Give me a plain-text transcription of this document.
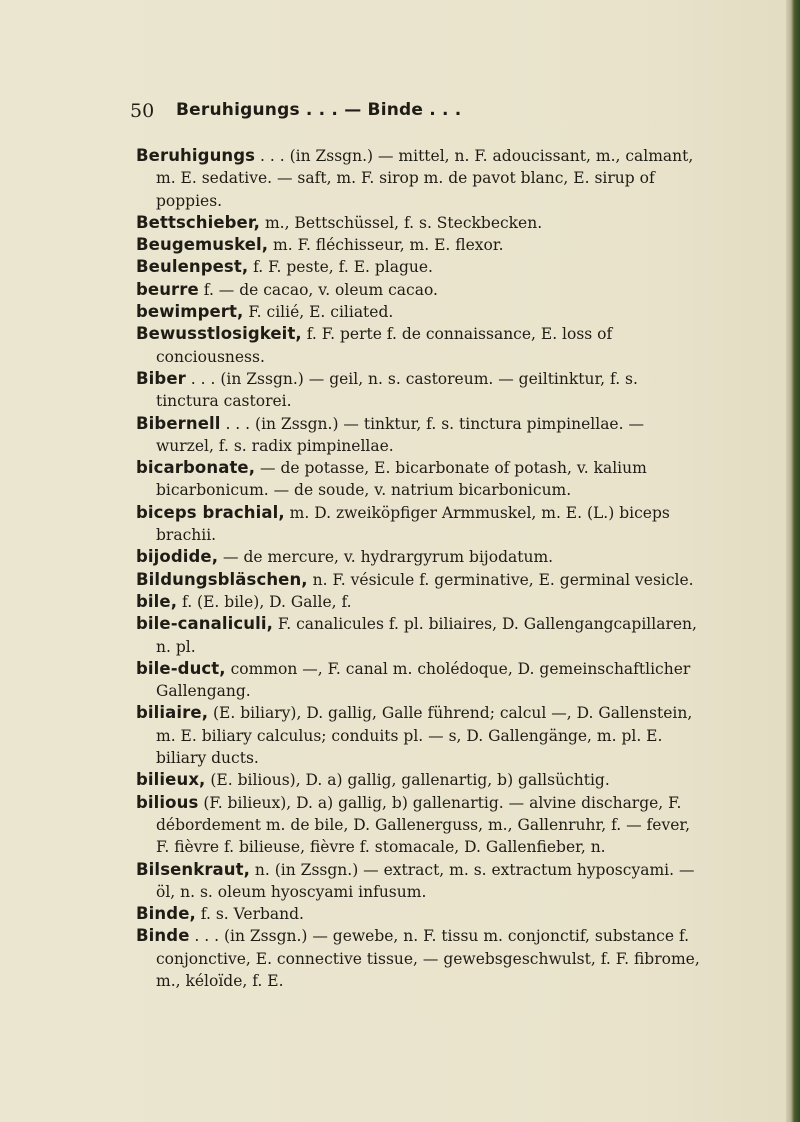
50 Beruhigungs . . . — Binde . . .

Beruhigungs . . . (in Zssgn.) — mittel, n. F. adoucissant, m., calmant, m. E. sedative. — saft, m. F. sirop m. de pavot blanc, E. sirup of poppies.

Bettschieber, m., Bettschüssel, f. s. Steckbecken.

Beugemuskel, m. F. fléchisseur, m. E. flexor.

Beulenpest, f. F. peste, f. E. plague.

beurre f. — de cacao, v. oleum cacao.

bewimpert, F. cilié, E. ciliated.

Bewusstlosigkeit, f. F. perte f. de connaissance, E. loss of conciousness.

Biber . . . (in Zssgn.) — geil, n. s. castoreum. — geiltinktur, f. s. tinctura castorei.

Bibernell . . . (in Zssgn.) — tinktur, f. s. tinctura pimpinellae. — wurzel, f. s. radix pimpinellae.

bicarbonate, — de potasse, E. bicarbonate of potash, v. kalium bicarbonicum. — de soude, v. natrium bicarbonicum.

biceps brachial, m. D. zweiköpfiger Armmuskel, m. E. (L.) biceps brachii.

bijodide, — de mercure, v. hydrargyrum bijodatum.

Bildungsbläschen, n. F. vésicule f. germinative, E. germinal vesicle.

bile, f. (E. bile), D. Galle, f.

bile-canaliculi, F. canalicules f. pl. biliaires, D. Gallengangcapillaren, n. pl.

bile-duct, common —, F. canal m. cholédoque, D. gemeinschaftlicher Gallengang.

biliaire, (E. biliary), D. gallig, Galle führend; calcul —, D. Gallenstein, m. E. biliary calculus; conduits pl. — s, D. Gallengänge, m. pl. E. biliary ducts.

bilieux, (E. bilious), D. a) gallig, gallenartig, b) gallsüchtig.

bilious (F. bilieux), D. a) gallig, b) gallenartig. — alvine discharge, F. débordement m. de bile, D. Gallenerguss, m., Gallenruhr, f. — fever, F. fièvre f. bilieuse, fièvre f. stomacale, D. Gallenfieber, n.

Bilsenkraut, n. (in Zssgn.) — extract, m. s. extractum hyposcyami. — öl, n. s. oleum hyoscyami infusum.

Binde, f. s. Verband.

Binde . . . (in Zssgn.) — gewebe, n. F. tissu m. conjonctif, substance f. conjonctive, E. connective tissue, — gewebsgeschwulst, f. F. fibrome, m., kéloïde, f. E.
